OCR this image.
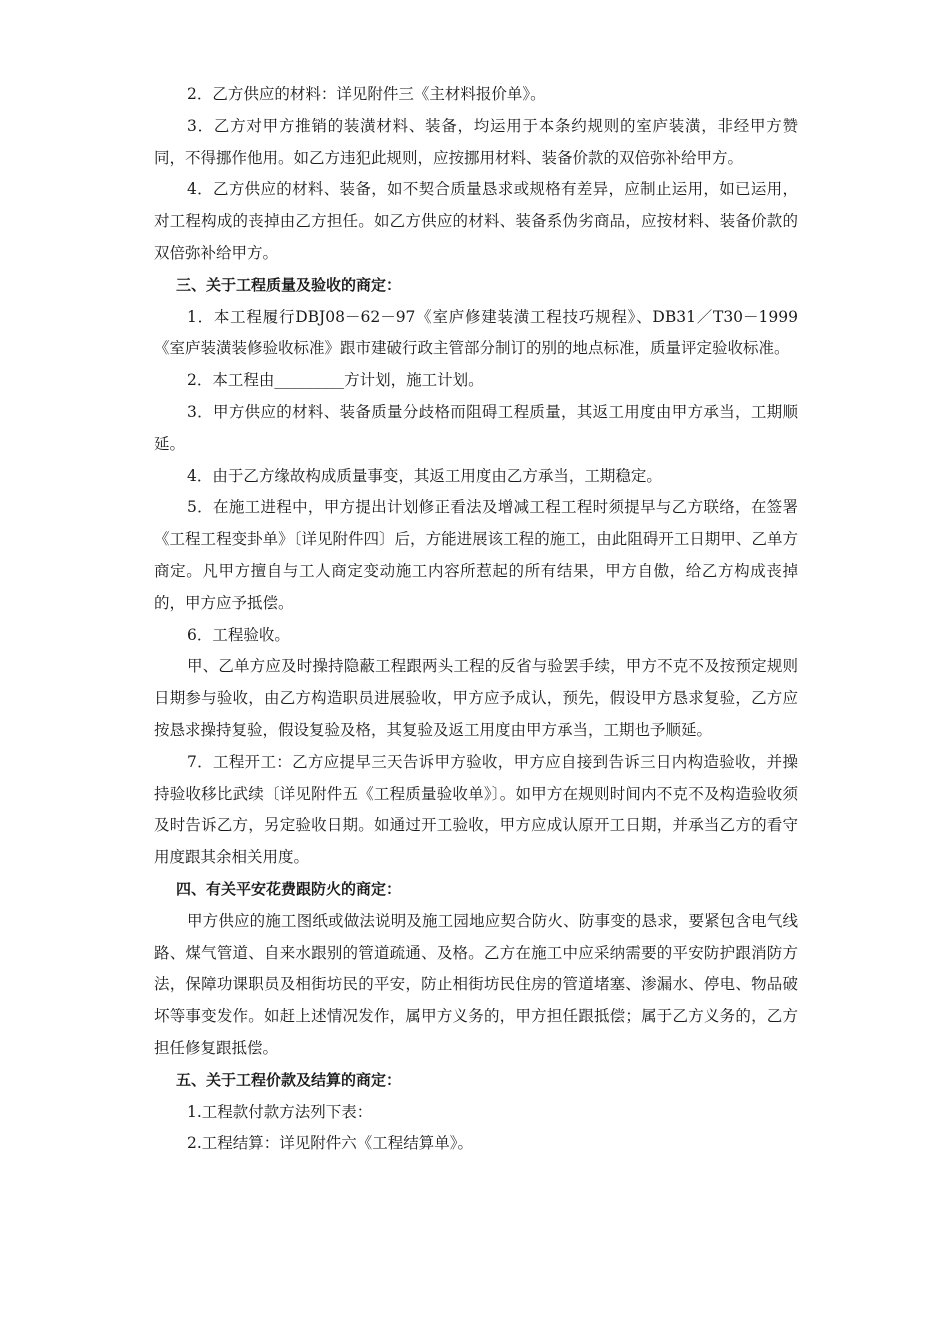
2．乙方供应的材料：详见附件三《主材料报价单》。

3．乙方对甲方推销的装潢材料、装备，均运用于本条约规则的室庐装潢，非经甲方赞同，不得挪作他用。如乙方违犯此规则，应按挪用材料、装备价款的双倍弥补给甲方。

4．乙方供应的材料、装备，如不契合质量恳求或规格有差异，应制止运用，如已运用，对工程构成的丧掉由乙方担任。如乙方供应的材料、装备系伪劣商品，应按材料、装备价款的双倍弥补给甲方。

三、关于工程质量及验收的商定：

1．本工程履行DBJ08－62－97《室庐修建装潢工程技巧规程》、DB31／T30－1999《室庐装潢装修验收标准》跟市建破行政主管部分制订的别的地点标准，质量评定验收标准。

2．本工程由_________方计划，施工计划。

3．甲方供应的材料、装备质量分歧格而阻碍工程质量，其返工用度由甲方承当，工期顺延。

4．由于乙方缘故构成质量事变，其返工用度由乙方承当，工期稳定。

5．在施工进程中，甲方提出计划修正看法及增减工程工程时须提早与乙方联络，在签署《工程工程变卦单》〔详见附件四〕后，方能进展该工程的施工，由此阻碍开工日期甲、乙单方商定。凡甲方擅自与工人商定变动施工内容所惹起的所有结果，甲方自傲，给乙方构成丧掉的，甲方应予抵偿。

6．工程验收。

甲、乙单方应及时操持隐蔽工程跟两头工程的反省与验罢手续，甲方不克不及按预定规则日期参与验收，由乙方构造职员进展验收，甲方应予成认，预先，假设甲方恳求复验，乙方应按恳求操持复验，假设复验及格，其复验及返工用度由甲方承当，工期也予顺延。

7．工程开工：乙方应提早三天告诉甲方验收，甲方应自接到告诉三日内构造验收，并操持验收移比武续〔详见附件五《工程质量验收单》〕。如甲方在规则时间内不克不及构造验收须及时告诉乙方，另定验收日期。如通过开工验收，甲方应成认原开工日期，并承当乙方的看守用度跟其余相关用度。

四、有关平安花费跟防火的商定：

甲方供应的施工图纸或做法说明及施工园地应契合防火、防事变的恳求，要紧包含电气线路、煤气管道、自来水跟别的管道疏通、及格。乙方在施工中应采纳需要的平安防护跟消防方法，保障功课职员及相街坊民的平安，防止相街坊民住房的管道堵塞、渗漏水、停电、物品破坏等事变发作。如赶上述情况发作，属甲方义务的，甲方担任跟抵偿；属于乙方义务的，乙方担任修复跟抵偿。

五、关于工程价款及结算的商定：

1.工程款付款方法列下表：

2.工程结算：详见附件六《工程结算单》。
